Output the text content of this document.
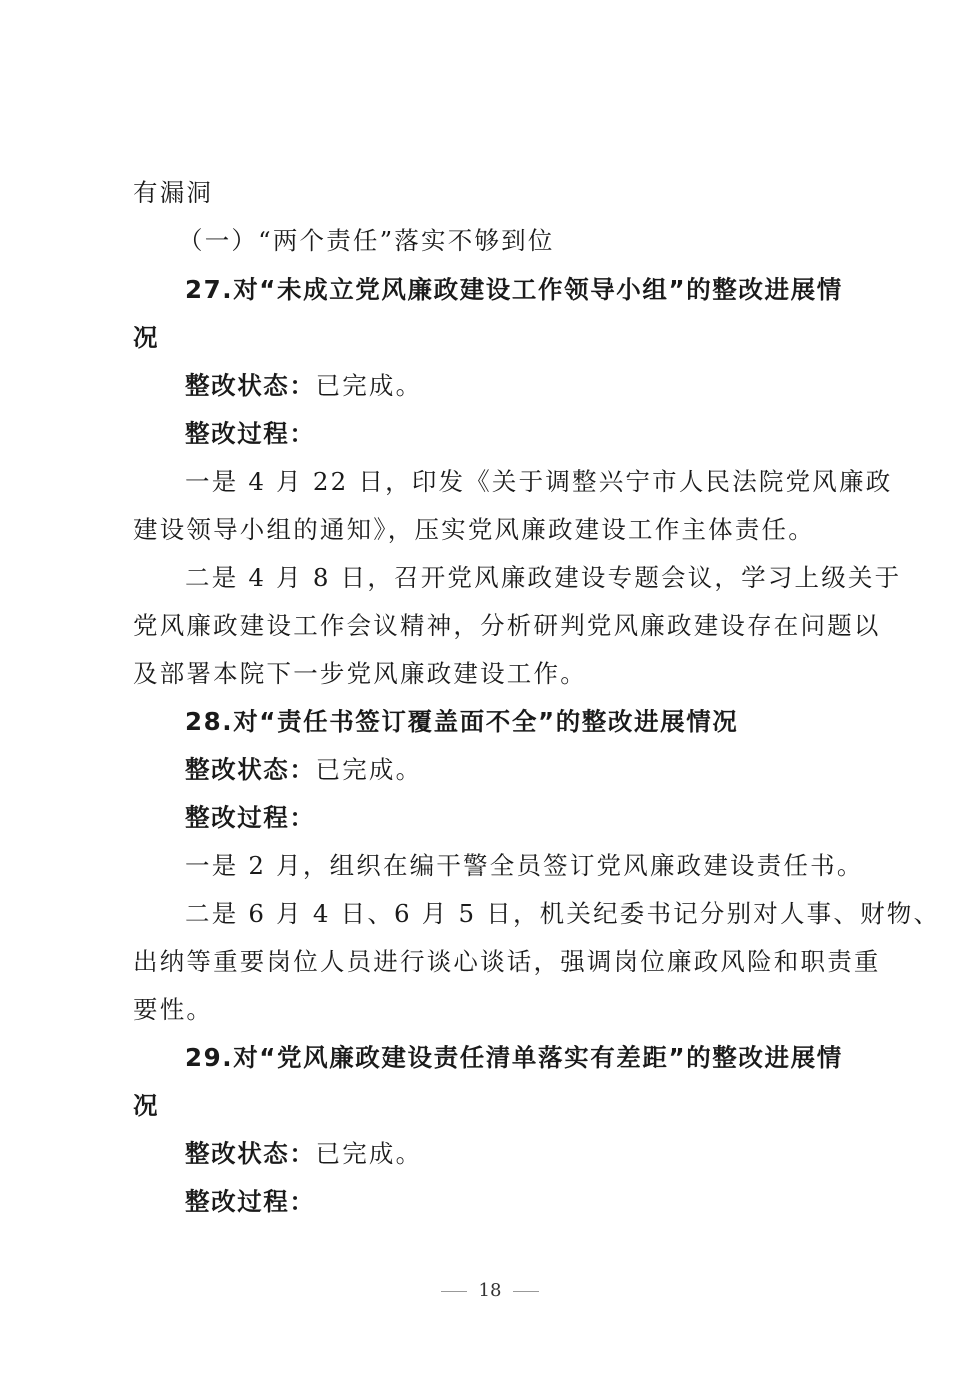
有漏洞
（一）“两个责任”落实不够到位
27.对“未成立党风廉政建设工作领导小组”的整改进展情
况
整改状态：已完成。
整改过程：
一是 4 月 22 日，印发《关于调整兴宁市人民法院党风廉政
建设领导小组的通知》，压实党风廉政建设工作主体责任。
二是 4 月 8 日，召开党风廉政建设专题会议，学习上级关于
党风廉政建设工作会议精神，分析研判党风廉政建设存在问题以
及部署本院下一步党风廉政建设工作。
28.对“责任书签订覆盖面不全”的整改进展情况
整改状态：已完成。
整改过程：
一是 2 月，组织在编干警全员签订党风廉政建设责任书。
二是 6 月 4 日、6 月 5 日，机关纪委书记分别对人事、财物、
出纳等重要岗位人员进行谈心谈话，强调岗位廉政风险和职责重
要性。
29.对“党风廉政建设责任清单落实有差距”的整改进展情
况
整改状态：已完成。
整改过程：
18
